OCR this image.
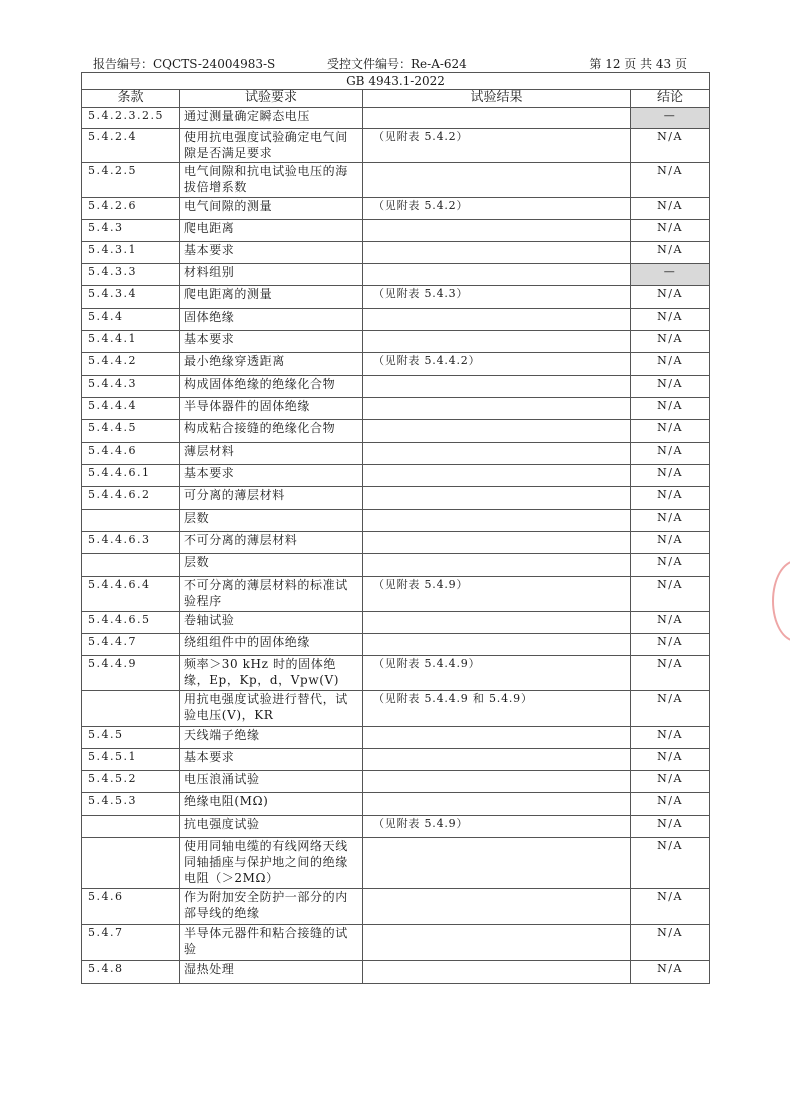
报告编号：CQCTS-24004983-S	受控文件编号：Re-A-624	第 12 页 共 43 页
GB 4943.1-2022			
条款	试验要求	试验结果	结论
5.4.2.3.2.5	通过测量确定瞬态电压		—
5.4.2.4	使用抗电强度试验确定电气间隙是否满足要求	（见附表 5.4.2）	N/A
5.4.2.5	电气间隙和抗电试验电压的海拔倍增系数		N/A
5.4.2.6	电气间隙的测量	（见附表 5.4.2）	N/A
5.4.3	爬电距离		N/A
5.4.3.1	基本要求		N/A
5.4.3.3	材料组别		—
5.4.3.4	爬电距离的测量	（见附表 5.4.3）	N/A
5.4.4	固体绝缘		N/A
5.4.4.1	基本要求		N/A
5.4.4.2	最小绝缘穿透距离	（见附表 5.4.4.2）	N/A
5.4.4.3	构成固体绝缘的绝缘化合物		N/A
5.4.4.4	半导体器件的固体绝缘		N/A
5.4.4.5	构成粘合接缝的绝缘化合物		N/A
5.4.4.6	薄层材料		N/A
5.4.4.6.1	基本要求		N/A
5.4.4.6.2	可分离的薄层材料		N/A
	层数		N/A
5.4.4.6.3	不可分离的薄层材料		N/A
	层数		N/A
5.4.4.6.4	不可分离的薄层材料的标准试验程序	（见附表 5.4.9）	N/A
5.4.4.6.5	卷轴试验		N/A
5.4.4.7	绕组组件中的固体绝缘		N/A
5.4.4.9	频率＞30 kHz 时的固体绝缘，Ep，Kp，d，Vpw(V)	（见附表 5.4.4.9）	N/A
	用抗电强度试验进行替代，试验电压(V)，KR	（见附表 5.4.4.9 和 5.4.9）	N/A
5.4.5	天线端子绝缘		N/A
5.4.5.1	基本要求		N/A
5.4.5.2	电压浪涌试验		N/A
5.4.5.3	绝缘电阻(MΩ)		N/A
	抗电强度试验	（见附表 5.4.9）	N/A
	使用同轴电缆的有线网络天线同轴插座与保护地之间的绝缘电阻（＞2MΩ）		N/A
5.4.6	作为附加安全防护一部分的内部导线的绝缘		N/A
5.4.7	半导体元器件和粘合接缝的试验		N/A
5.4.8	湿热处理		N/A
